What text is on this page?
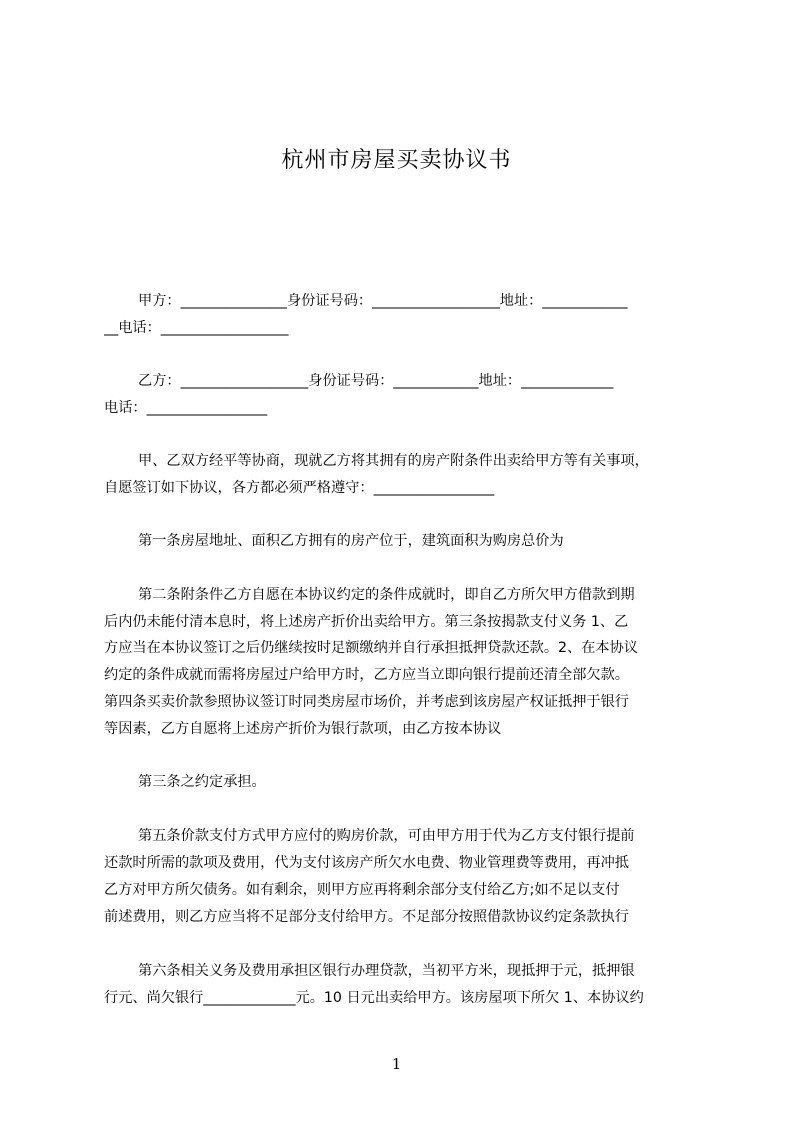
杭州市房屋买卖协议书
甲方：_______________身份证号码：__________________地址：____________
__电话：__________________
乙方：__________________身份证号码：____________地址：_____________
电话：_________________
甲、乙双方经平等协商，现就乙方将其拥有的房产附条件出卖给甲方等有关事项，
自愿签订如下协议，各方都必须严格遵守：_________________
第一条房屋地址、面积乙方拥有的房产位于，建筑面积为购房总价为
第二条附条件乙方自愿在本协议约定的条件成就时，即自乙方所欠甲方借款到期
后内仍未能付清本息时，将上述房产折价出卖给甲方。第三条按揭款支付义务 1、乙
方应当在本协议签订之后仍继续按时足额缴纳并自行承担抵押贷款还款。2、在本协议
约定的条件成就而需将房屋过户给甲方时，乙方应当立即向银行提前还清全部欠款。
第四条买卖价款参照协议签订时同类房屋市场价，并考虑到该房屋产权证抵押于银行
等因素，乙方自愿将上述房产折价为银行款项，由乙方按本协议
第三条之约定承担。
第五条价款支付方式甲方应付的购房价款，可由甲方用于代为乙方支付银行提前
还款时所需的款项及费用，代为支付该房产所欠水电费、物业管理费等费用，再冲抵
乙方对甲方所欠债务。如有剩余，则甲方应再将剩余部分支付给乙方;如不足以支付
前述费用，则乙方应当将不足部分支付给甲方。不足部分按照借款协议约定条款执行
第六条相关义务及费用承担区银行办理贷款，当初平方米，现抵押于元，抵押银
行元、尚欠银行_____________元。10 日元出卖给甲方。该房屋项下所欠 1、本协议约
1
